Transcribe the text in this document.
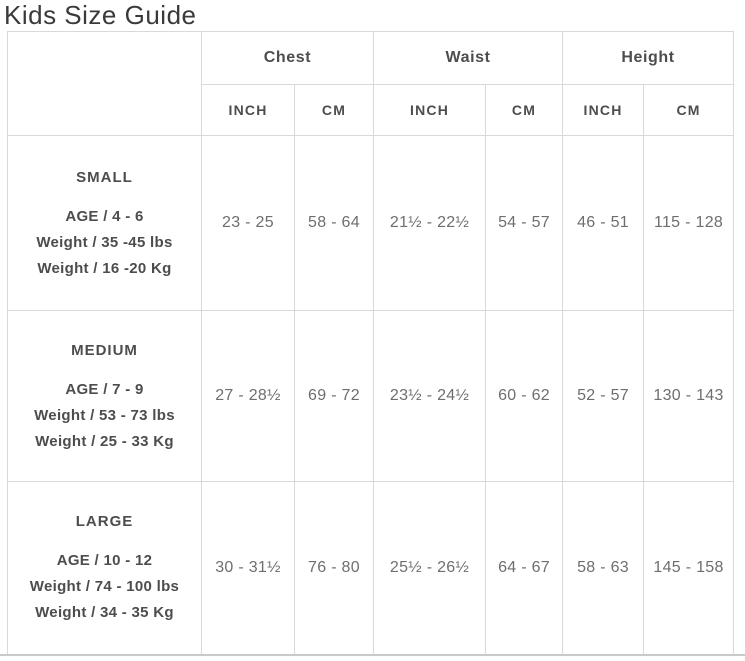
Kids Size Guide
	Chest		Waist		Height	
	INCH	CM	INCH	CM	INCH	CM

SMALL
AGE / 4 - 6
Weight / 35 -45 lbs
Weight / 16 -20 Kg	23 - 25	58 - 64	21½ - 22½	54 - 57	46 - 51	115 - 128

MEDIUM
AGE / 7 - 9
Weight / 53 - 73 lbs
Weight / 25 - 33 Kg	27 - 28½	69 - 72	23½ - 24½	60 - 62	52 - 57	130 - 143

LARGE
AGE / 10 - 12
Weight / 74 - 100 lbs
Weight / 34 - 35 Kg	30 - 31½	76 - 80	25½ - 26½	64 - 67	58 - 63	145 - 158
